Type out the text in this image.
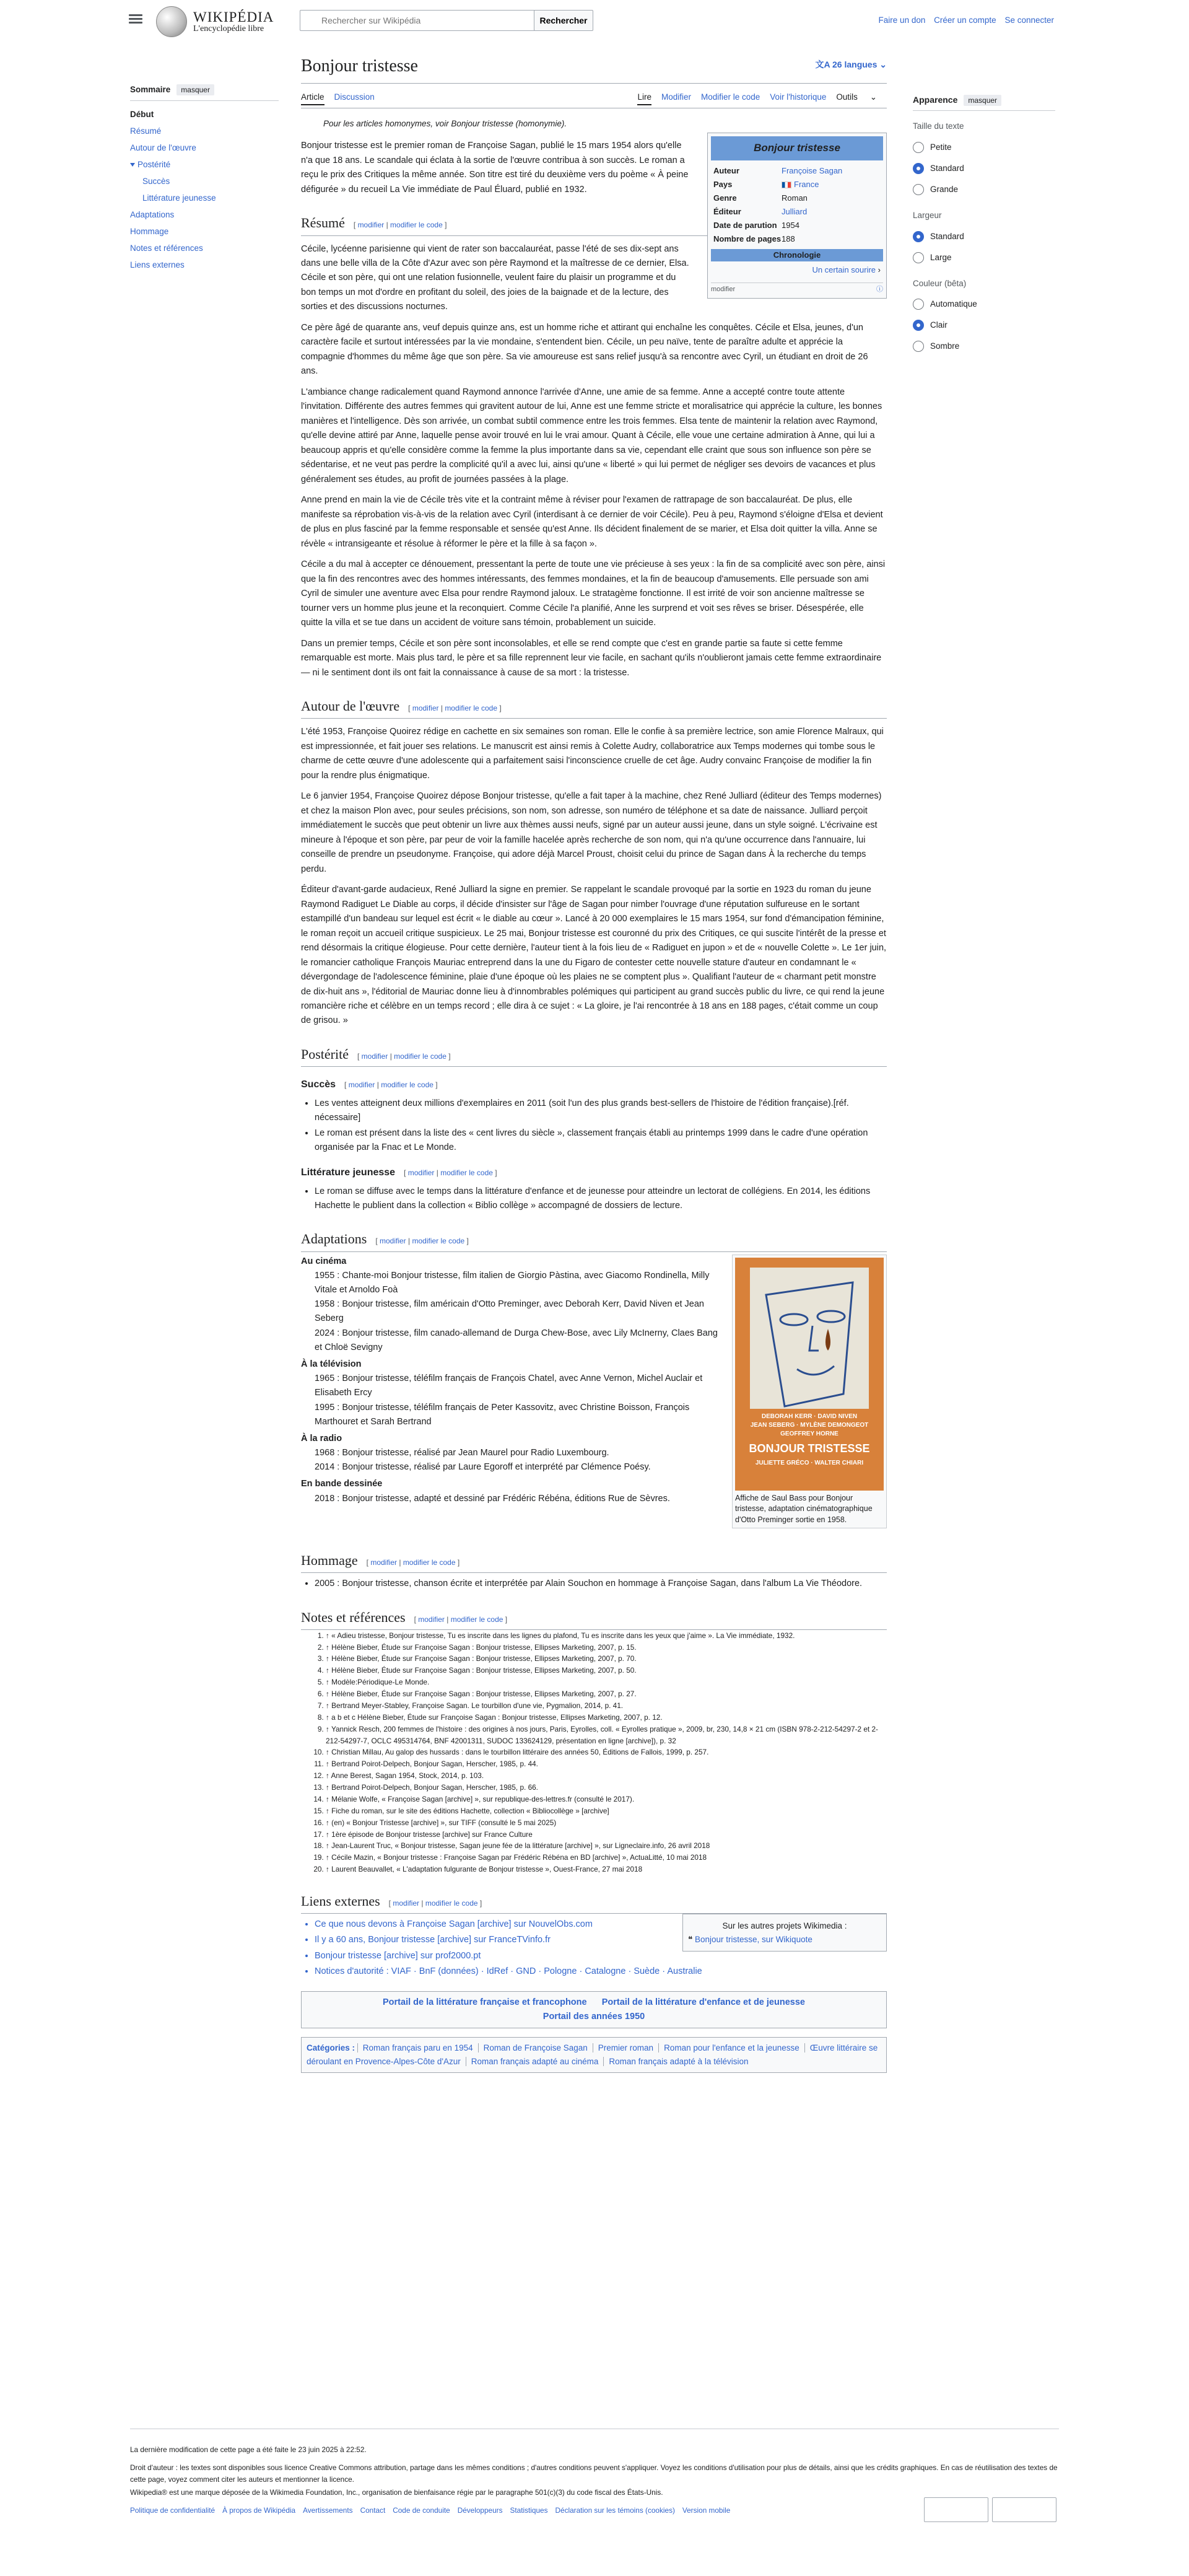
WIKIPÉDIA
L'encyclopédie libre
Rechercher sur Wikipédia
Rechercher	Faire un don Créer un compte Se connecter
Sommaire masquer
Début
Résumé
Autour de l'œuvre
Postérité
Succès
Littérature jeunesse
Adaptations
Hommage
Notes et références
Liens externes
Apparence masquer
Taille du texte
Petite
Standard
Grande
Largeur
Standard
Large
Couleur (bêta)
Automatique
Clair
Sombre
Bonjour tristesse	文A 26 langues ⌄
Article Discussion	Lire Modifier Modifier le code Voir l'historique Outils ⌄
Pour les articles homonymes, voir Bonjour tristesse (homonymie).
Bonjour tristesse
Auteur	Françoise Sagan
Pays	France
Genre	Roman
Éditeur	Julliard
Date de parution 1954
Nombre de pages 188
Chronologie
Un certain sourire ›
modifier	ⓘ

Bonjour tristesse est le premier roman de Françoise Sagan, publié le 15 mars 1954 alors qu'elle n'a que 18 ans. Le scandale qui éclata à la sortie de l'œuvre contribua à son succès. Le roman a reçu le prix des Critiques la même année. Son titre est tiré du deuxième vers du poème « À peine défigurée » du recueil La Vie immédiate de Paul Éluard, publié en 1932.

Résumé [ modifier | modifier le code ]

Cécile, lycéenne parisienne qui vient de rater son baccalauréat, passe l'été de ses dix-sept ans dans une belle villa de la Côte d'Azur avec son père Raymond et la maîtresse de ce dernier, Elsa. Cécile et son père, qui ont une relation fusionnelle, veulent faire du plaisir un programme et du bon temps un mot d'ordre en profitant du soleil, des joies de la baignade et de la lecture, des sorties et des discussions nocturnes.

Ce père âgé de quarante ans, veuf depuis quinze ans, est un homme riche et attirant qui enchaîne les conquêtes. Cécile et Elsa, jeunes, d'un caractère facile et surtout intéressées par la vie mondaine, s'entendent bien. Cécile, un peu naïve, tente de paraître adulte et apprécie la compagnie d'hommes du même âge que son père. Sa vie amoureuse est sans relief jusqu'à sa rencontre avec Cyril, un étudiant en droit de 26 ans.

L'ambiance change radicalement quand Raymond annonce l'arrivée d'Anne, une amie de sa femme. Anne a accepté contre toute attente l'invitation. Différente des autres femmes qui gravitent autour de lui, Anne est une femme stricte et moralisatrice qui apprécie la culture, les bonnes manières et l'intelligence. Dès son arrivée, un combat subtil commence entre les trois femmes. Elsa tente de maintenir la relation avec Raymond, qu'elle devine attiré par Anne, laquelle pense avoir trouvé en lui le vrai amour. Quant à Cécile, elle voue une certaine admiration à Anne, qui lui a beaucoup appris et qu'elle considère comme la femme la plus importante dans sa vie, cependant elle craint que sous son influence son père se sédentarise, et ne veut pas perdre la complicité qu'il a avec lui, ainsi qu'une « liberté » qui lui permet de négliger ses devoirs de vacances et plus généralement ses études, au profit de journées passées à la plage.

Anne prend en main la vie de Cécile très vite et la contraint même à réviser pour l'examen de rattrapage de son baccalauréat. De plus, elle manifeste sa réprobation vis-à-vis de la relation avec Cyril (interdisant à ce dernier de voir Cécile). Peu à peu, Raymond s'éloigne d'Elsa et devient de plus en plus fasciné par la femme responsable et sensée qu'est Anne. Ils décident finalement de se marier, et Elsa doit quitter la villa. Anne se révèle « intransigeante et résolue à réformer le père et la fille à sa façon ».

Cécile a du mal à accepter ce dénouement, pressentant la perte de toute une vie précieuse à ses yeux : la fin de sa complicité avec son père, ainsi que la fin des rencontres avec des hommes intéressants, des femmes mondaines, et la fin de beaucoup d'amusements. Elle persuade son ami Cyril de simuler une aventure avec Elsa pour rendre Raymond jaloux. Le stratagème fonctionne. Il est irrité de voir son ancienne maîtresse se tourner vers un homme plus jeune et la reconquiert. Comme Cécile l'a planifié, Anne les surprend et voit ses rêves se briser. Désespérée, elle quitte la villa et se tue dans un accident de voiture sans témoin, probablement un suicide.

Dans un premier temps, Cécile et son père sont inconsolables, et elle se rend compte que c'est en grande partie sa faute si cette femme remarquable est morte. Mais plus tard, le père et sa fille reprennent leur vie facile, en sachant qu'ils n'oublieront jamais cette femme extraordinaire — ni le sentiment dont ils ont fait la connaissance à cause de sa mort : la tristesse.

Autour de l'œuvre [ modifier | modifier le code ]

L'été 1953, Françoise Quoirez rédige en cachette en six semaines son roman. Elle le confie à sa première lectrice, son amie Florence Malraux, qui est impressionnée, et fait jouer ses relations. Le manuscrit est ainsi remis à Colette Audry, collaboratrice aux Temps modernes qui tombe sous le charme de cette œuvre d'une adolescente qui a parfaitement saisi l'inconscience cruelle de cet âge. Audry convainc Françoise de modifier la fin pour la rendre plus énigmatique.

Le 6 janvier 1954, Françoise Quoirez dépose Bonjour tristesse, qu'elle a fait taper à la machine, chez René Julliard (éditeur des Temps modernes) et chez la maison Plon avec, pour seules précisions, son nom, son adresse, son numéro de téléphone et sa date de naissance. Julliard perçoit immédiatement le succès que peut obtenir un livre aux thèmes aussi neufs, signé par un auteur aussi jeune, dans un style soigné. L'écrivaine est mineure à l'époque et son père, par peur de voir la famille hacelée après recherche de son nom, qui n'a qu'une occurrence dans l'annuaire, lui conseille de prendre un pseudonyme. Françoise, qui adore déjà Marcel Proust, choisit celui du prince de Sagan dans À la recherche du temps perdu.

Éditeur d'avant-garde audacieux, René Julliard la signe en premier. Se rappelant le scandale provoqué par la sortie en 1923 du roman du jeune Raymond Radiguet Le Diable au corps, il décide d'insister sur l'âge de Sagan pour nimber l'ouvrage d'une réputation sulfureuse en le sortant estampillé d'un bandeau sur lequel est écrit « le diable au cœur ». Lancé à 20 000 exemplaires le 15 mars 1954, sur fond d'émancipation féminine, le roman reçoit un accueil critique suspicieux. Le 25 mai, Bonjour tristesse est couronné du prix des Critiques, ce qui suscite l'intérêt de la presse et rend désormais la critique élogieuse. Pour cette dernière, l'auteur tient à la fois lieu de « Radiguet en jupon » et de « nouvelle Colette ». Le 1er juin, le romancier catholique François Mauriac entreprend dans la une du Figaro de contester cette nouvelle stature d'auteur en condamnant le « dévergondage de l'adolescence féminine, plaie d'une époque où les plaies ne se comptent plus ». Qualifiant l'auteur de « charmant petit monstre de dix-huit ans », l'éditorial de Mauriac donne lieu à d'innombrables polémiques qui participent au grand succès public du livre, ce qui rend la jeune romancière riche et célèbre en un temps record ; elle dira à ce sujet : « La gloire, je l'ai rencontrée à 18 ans en 188 pages, c'était comme un coup de grisou. »

Postérité [ modifier | modifier le code ]
Succès [ modifier | modifier le code ]
• Les ventes atteignent deux millions d'exemplaires en 2011 (soit l'un des plus grands best-sellers de l'histoire de l'édition française).[réf. nécessaire]
• Le roman est présent dans la liste des « cent livres du siècle », classement français établi au printemps 1999 dans le cadre d'une opération organisée par la Fnac et Le Monde.
Littérature jeunesse [ modifier | modifier le code ]
• Le roman se diffuse avec le temps dans la littérature d'enfance et de jeunesse pour atteindre un lectorat de collégiens. En 2014, les éditions Hachette le publient dans la collection « Biblio collège » accompagné de dossiers de lecture.
Adaptations [ modifier | modifier le code ]
DEBORAH KERR · DAVID NIVEN
JEAN SEBERG · MYLÈNE DEMONGEOT
GEOFFREY HORNE
BONJOUR TRISTESSE
JULIETTE GRÉCO · WALTER CHIARI
Affiche de Saul Bass pour Bonjour tristesse, adaptation cinématographique d'Otto Preminger sortie en 1958.
Au cinéma
1955 : Chante-moi Bonjour tristesse, film italien de Giorgio Pàstina, avec Giacomo Rondinella, Milly Vitale et Arnoldo Foà
1958 : Bonjour tristesse, film américain d'Otto Preminger, avec Deborah Kerr, David Niven et Jean Seberg
2024 : Bonjour tristesse, film canado-allemand de Durga Chew-Bose, avec Lily McInerny, Claes Bang et Chloë Sevigny
À la télévision
1965 : Bonjour tristesse, téléfilm français de François Chatel, avec Anne Vernon, Michel Auclair et Elisabeth Ercy
1995 : Bonjour tristesse, téléfilm français de Peter Kassovitz, avec Christine Boisson, François Marthouret et Sarah Bertrand
À la radio
1968 : Bonjour tristesse, réalisé par Jean Maurel pour Radio Luxembourg.
2014 : Bonjour tristesse, réalisé par Laure Egoroff et interprété par Clémence Poésy.
En bande dessinée
2018 : Bonjour tristesse, adapté et dessiné par Frédéric Rébéna, éditions Rue de Sèvres.
Hommage [ modifier | modifier le code ]
• 2005 : Bonjour tristesse, chanson écrite et interprétée par Alain Souchon en hommage à Françoise Sagan, dans l'album La Vie Théodore.
Notes et références [ modifier | modifier le code ]
1. ↑ « Adieu tristesse, Bonjour tristesse, Tu es inscrite dans les lignes du plafond, Tu es inscrite dans les yeux que j'aime ». La Vie immédiate, 1932.
2. ↑ Hélène Bieber, Étude sur Françoise Sagan : Bonjour tristesse, Ellipses Marketing, 2007, p. 15.
3. ↑ Hélène Bieber, Étude sur Françoise Sagan : Bonjour tristesse, Ellipses Marketing, 2007, p. 70.
4. ↑ Hélène Bieber, Étude sur Françoise Sagan : Bonjour tristesse, Ellipses Marketing, 2007, p. 50.
5. ↑ Modèle:Périodique-Le Monde.
6. ↑ Hélène Bieber, Étude sur Françoise Sagan : Bonjour tristesse, Ellipses Marketing, 2007, p. 27.
7. ↑ Bertrand Meyer-Stabley, Françoise Sagan. Le tourbillon d'une vie, Pygmalion, 2014, p. 41.
8. ↑ a b et c Hélène Bieber, Étude sur Françoise Sagan : Bonjour tristesse, Ellipses Marketing, 2007, p. 12.
9. ↑ Yannick Resch, 200 femmes de l'histoire : des origines à nos jours, Paris, Eyrolles, coll. « Eyrolles pratique », 2009, br, 230, 14,8 × 21 cm (ISBN 978-2-212-54297-2 et 2-212-54297-7, OCLC 495314764, BNF 42001311, SUDOC 133624129, présentation en ligne [archive]), p. 32
10. ↑ Christian Millau, Au galop des hussards : dans le tourbillon littéraire des années 50, Éditions de Fallois, 1999, p. 257.
11. ↑ Bertrand Poirot-Delpech, Bonjour Sagan, Herscher, 1985, p. 44.
12. ↑ Anne Berest, Sagan 1954, Stock, 2014, p. 103.
13. ↑ Bertrand Poirot-Delpech, Bonjour Sagan, Herscher, 1985, p. 66.
14. ↑ Mélanie Wolfe, « Françoise Sagan [archive] », sur republique-des-lettres.fr (consulté le 2017).
15. ↑ Fiche du roman, sur le site des éditions Hachette, collection « Bibliocollège » [archive]
16. ↑ (en) « Bonjour Tristesse [archive] », sur TIFF (consulté le 5 mai 2025)
17. ↑ 1ère épisode de Bonjour tristesse [archive] sur France Culture
18. ↑ Jean-Laurent Truc, « Bonjour tristesse, Sagan jeune fée de la littérature [archive] », sur Ligneclaire.info, 26 avril 2018
19. ↑ Cécile Mazin, « Bonjour tristesse : Françoise Sagan par Frédéric Rébéna en BD [archive] », ActuaLitté, 10 mai 2018
20. ↑ Laurent Beauvallet, « L'adaptation fulgurante de Bonjour tristesse », Ouest-France, 27 mai 2018
Liens externes [ modifier | modifier le code ]
Sur les autres projets Wikimedia :
❝ Bonjour tristesse, sur Wikiquote
• Ce que nous devons à Françoise Sagan [archive] sur NouvelObs.com
• Il y a 60 ans, Bonjour tristesse [archive] sur FranceTVinfo.fr
• Bonjour tristesse [archive] sur prof2000.pt
• Notices d'autorité : VIAF · BnF (données) · IdRef · GND · Pologne · Catalogne · Suède · Australie
Portail de la littérature française et francophone Portail de la littérature d'enfance et de jeunesse
Portail des années 1950
Catégories : Roman français paru en 1954 Roman de Françoise Sagan Premier roman Roman pour l'enfance et la jeunesse Œuvre littéraire se déroulant en Provence-Alpes-Côte d'Azur Roman français adapté au cinéma Roman français adapté à la télévision

La dernière modification de cette page a été faite le 23 juin 2025 à 22:52.

Droit d'auteur : les textes sont disponibles sous licence Creative Commons attribution, partage dans les mêmes conditions ; d'autres conditions peuvent s'appliquer. Voyez les conditions d'utilisation pour plus de détails, ainsi que les crédits graphiques. En cas de réutilisation des textes de cette page, voyez comment citer les auteurs et mentionner la licence.

Wikipedia® est une marque déposée de la Wikimedia Foundation, Inc., organisation de bienfaisance régie par le paragraphe 501(c)(3) du code fiscal des États-Unis.

Politique de confidentialité À propos de Wikipédia Avertissements Contact Code de conduite Développeurs Statistiques Déclaration sur les témoins (cookies) Version mobile
